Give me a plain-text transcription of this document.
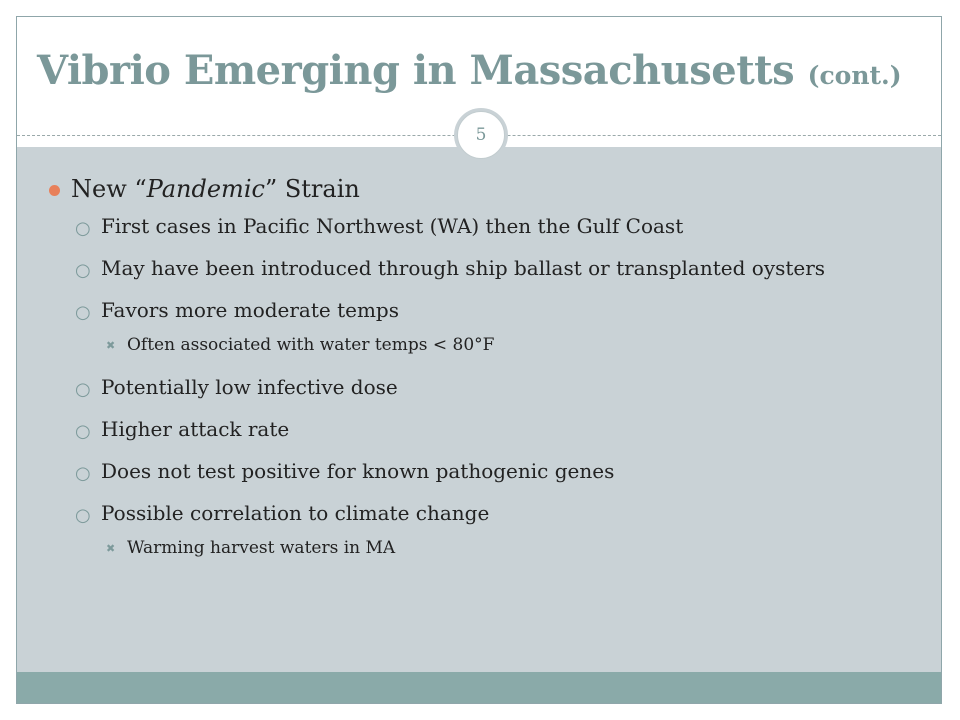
Vibrio Emerging in Massachusetts (cont.)
5
New “Pandemic” Strain
○ First cases in Pacific Northwest (WA) then the Gulf Coast
○ May have been introduced through ship ballast or transplanted oysters
○ Favors more moderate temps
✖ Often associated with water temps < 80°F
○ Potentially low infective dose
○ Higher attack rate
○ Does not test positive for known pathogenic genes
○ Possible correlation to climate change
✖ Warming harvest waters in MA
